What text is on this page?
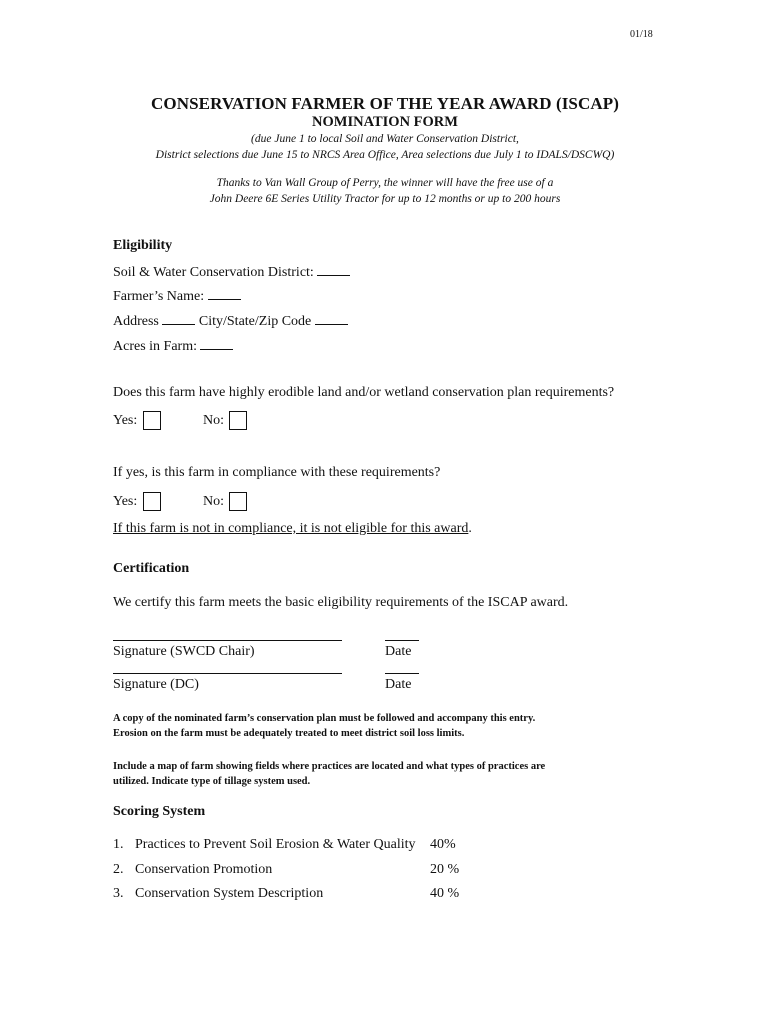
01/18
CONSERVATION FARMER OF THE YEAR AWARD (ISCAP)
NOMINATION FORM
(due June 1 to local Soil and Water Conservation District,
District selections due June 15 to NRCS Area Office, Area selections due July 1 to IDALS/DSCWQ)
Thanks to Van Wall Group of Perry, the winner will have the free use of a
John Deere 6E Series Utility Tractor for up to 12 months or up to 200 hours
Eligibility
Soil & Water Conservation District:
Farmer’s Name:
Address	City/State/Zip Code
Acres in Farm:
Does this farm have highly erodible land and/or wetland conservation plan requirements?
Yes:	No:
If yes, is this farm in compliance with these requirements?
Yes:	No:
If this farm is not in compliance, it is not eligible for this award.
Certification
We certify this farm meets the basic eligibility requirements of the ISCAP award.
Signature (SWCD Chair)	Date
Signature (DC)	Date
A copy of the nominated farm’s conservation plan must be followed and accompany this entry.
Erosion on the farm must be adequately treated to meet district soil loss limits.
Include a map of farm showing fields where practices are located and what types of practices are
utilized. Indicate type of tillage system used.
Scoring System
1. Practices to Prevent Soil Erosion & Water Quality 40%
2. Conservation Promotion	20 %
3. Conservation System Description	40 %
